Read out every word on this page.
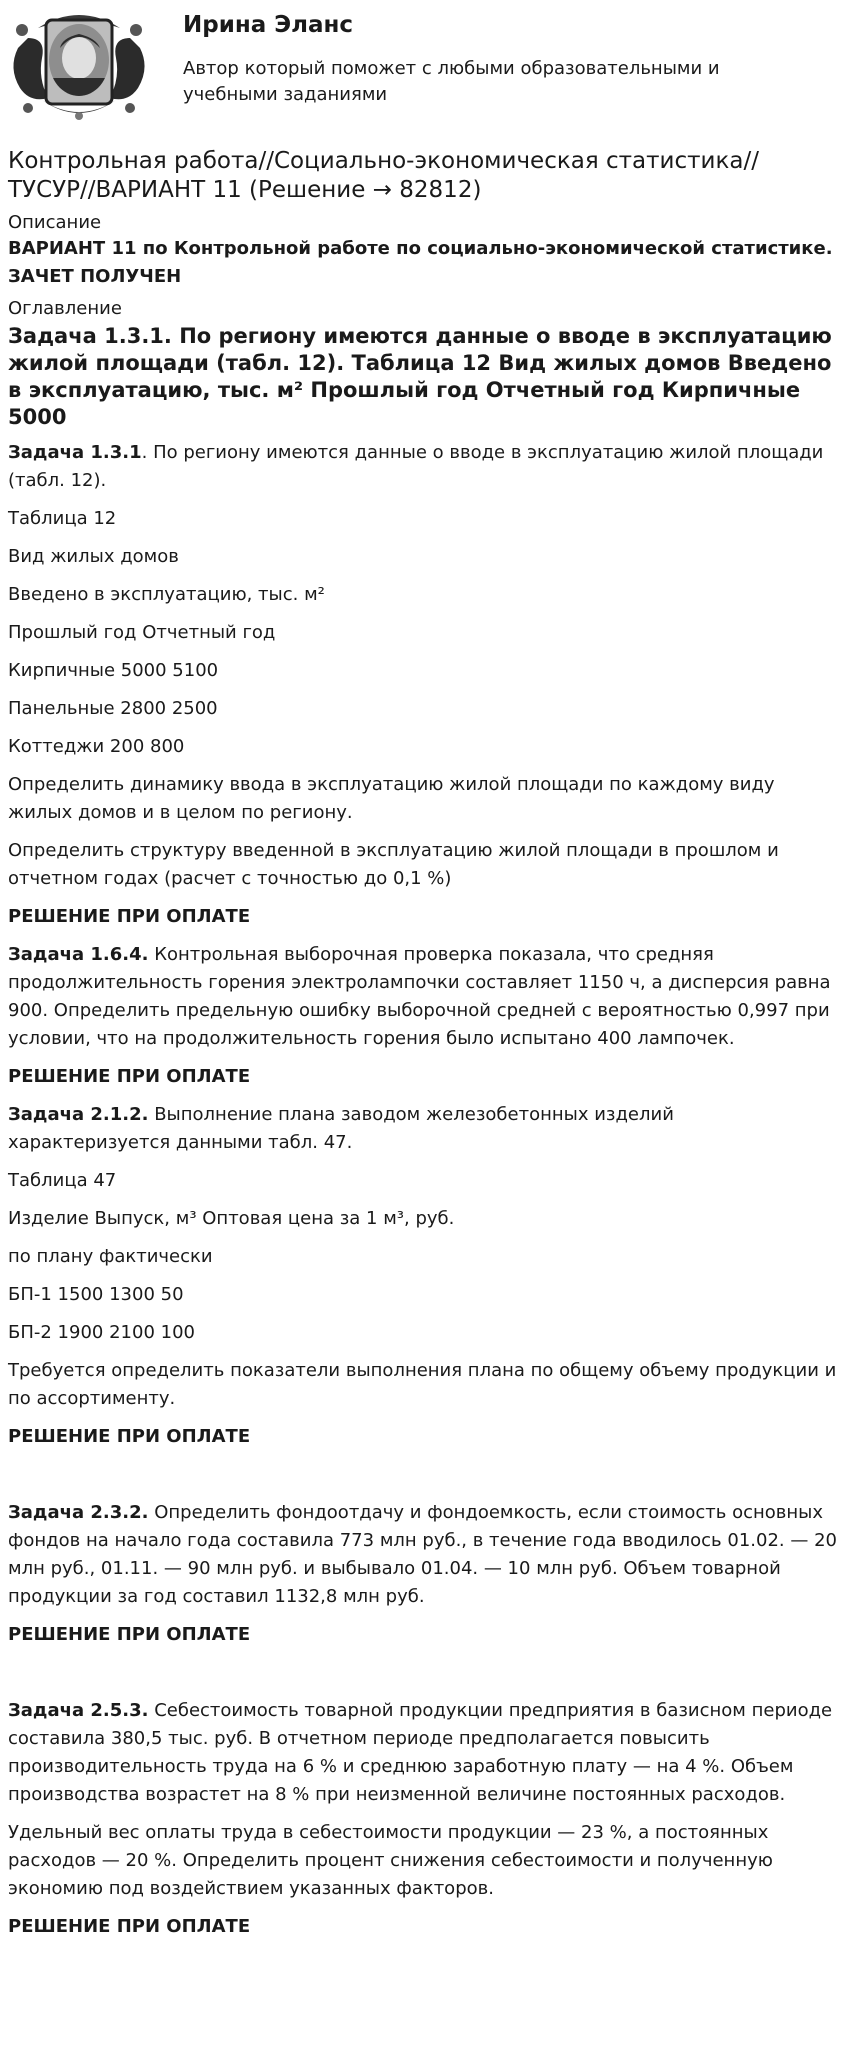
Ирина Эланс

Автор который поможет с любыми образовательными и учебными заданиями

Контрольная работа//Социально-экономическая статистика//ТУСУР//ВАРИАНТ 11 (Решение → 82812)
Описание
ВАРИАНТ 11 по Контрольной работе по социально-экономической статистике. ЗАЧЕТ ПОЛУЧЕН
Оглавление
Задача 1.3.1. По региону имеются данные о вводе в эксплуатацию жилой площади (табл. 12). Таблица 12 Вид жилых домов Введено в эксплуатацию, тыс. м² Прошлый год Отчетный год Кирпичные 5000

Задача 1.3.1. По региону имеются данные о вводе в эксплуатацию жилой площади (табл. 12).

Таблица 12

Вид жилых домов

Введено в эксплуатацию, тыс. м²

Прошлый год Отчетный год

Кирпичные 5000 5100

Панельные 2800 2500

Коттеджи 200 800

Определить динамику ввода в эксплуатацию жилой площади по каждому виду жилых домов и в целом по региону.

Определить структуру введенной в эксплуатацию жилой площади в прошлом и отчетном годах (расчет с точностью до 0,1 %)

РЕШЕНИЕ ПРИ ОПЛАТЕ

Задача 1.6.4. Контрольная выборочная проверка показала, что средняя продолжительность горения электролампочки составляет 1150 ч, а дисперсия равна 900. Определить предельную ошибку выборочной средней с вероятностью 0,997 при условии, что на продолжительность горения было испытано 400 лампочек.

РЕШЕНИЕ ПРИ ОПЛАТЕ

Задача 2.1.2. Выполнение плана заводом железобетонных изделий характеризуется данными табл. 47.

Таблица 47

Изделие Выпуск, м³ Оптовая цена за 1 м³, руб.

по плану фактически

БП-1 1500 1300 50

БП-2 1900 2100 100

Требуется определить показатели выполнения плана по общему объему продукции и по ассортименту.

РЕШЕНИЕ ПРИ ОПЛАТЕ

Задача 2.3.2. Определить фондоотдачу и фондоемкость, если стоимость основных фондов на начало года составила 773 млн руб., в течение года вводилось 01.02. — 20 млн руб., 01.11. — 90 млн руб. и выбывало 01.04. — 10 млн руб. Объем товарной продукции за год составил 1132,8 млн руб.

РЕШЕНИЕ ПРИ ОПЛАТЕ

Задача 2.5.3. Себестоимость товарной продукции предприятия в базисном периоде составила 380,5 тыс. руб. В отчетном периоде предполагается повысить производительность труда на 6 % и среднюю заработную плату — на 4 %. Объем производства возрастет на 8 % при неизменной величине постоянных расходов.

Удельный вес оплаты труда в себестоимости продукции — 23 %, а постоянных расходов — 20 %. Определить процент снижения себестоимости и полученную экономию под воздействием указанных факторов.

РЕШЕНИЕ ПРИ ОПЛАТЕ
